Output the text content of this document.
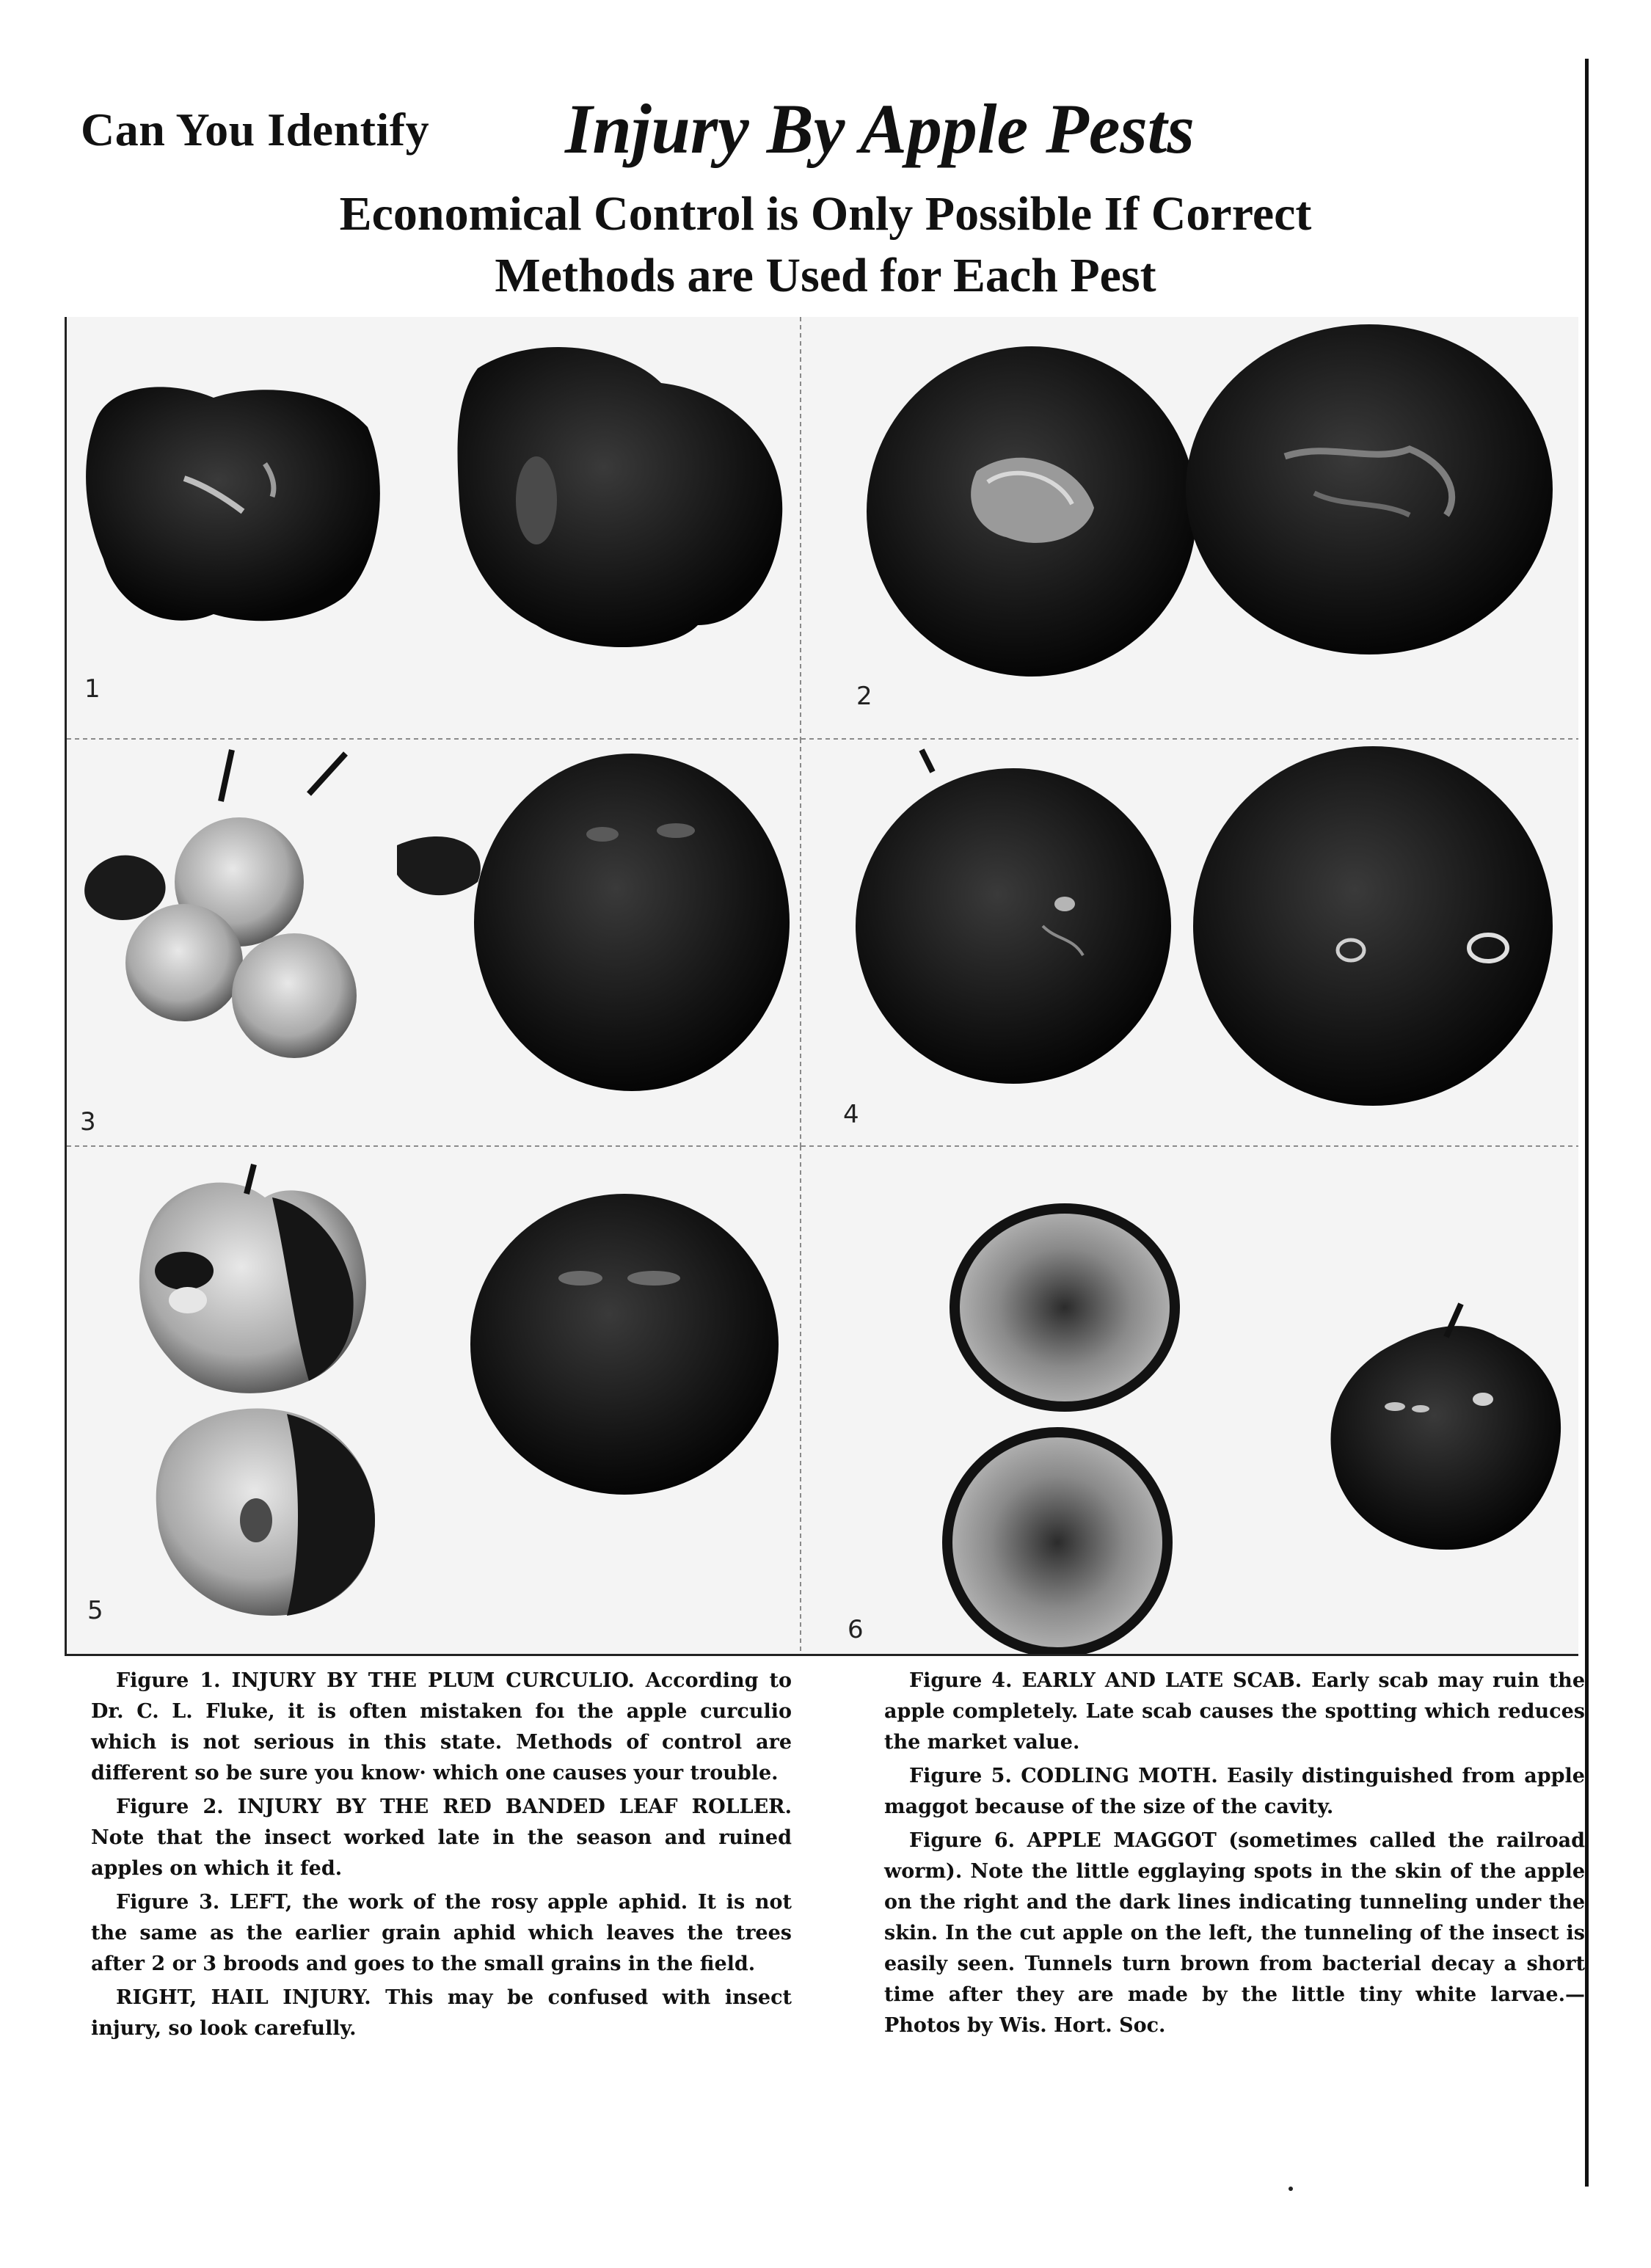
Can You Identify Injury By Apple Pests
Economical Control is Only Possible If Correct
Methods are Used for Each Pest
1	2
3	4
5
6

Figure 1. INJURY BY THE PLUM CURCULIO. According to Dr. C. L. Fluke, it is often mistaken foı the apple curculio which is not serious in this state. Methods of control are different so be sure you know· which one causes your trouble.

Figure 2. INJURY BY THE RED BANDED LEAF ROLLER. Note that the insect worked late in the season and ruined apples on which it fed.

Figure 3. LEFT, the work of the rosy apple aphid. It is not the same as the earlier grain aphid which leaves the trees after 2 or 3 broods and goes to the small grains in the field.

RIGHT, HAIL INJURY. This may be confused with insect injury, so look carefully.

Figure 4. EARLY AND LATE SCAB. Early scab may ruin the apple completely. Late scab causes the spotting which reduces the market value.

Figure 5. CODLING MOTH. Easily distinguished from apple maggot because of the size of the cavity.

Figure 6. APPLE MAGGOT (sometimes called the railroad worm). Note the little egglaying spots in the skin of the apple on the right and the dark lines indicating tunneling under the skin. In the cut apple on the left, the tunneling of the insect is easily seen. Tunnels turn brown from bacterial decay a short time after they are made by the little tiny white larvae.—Photos by Wis. Hort. Soc.
